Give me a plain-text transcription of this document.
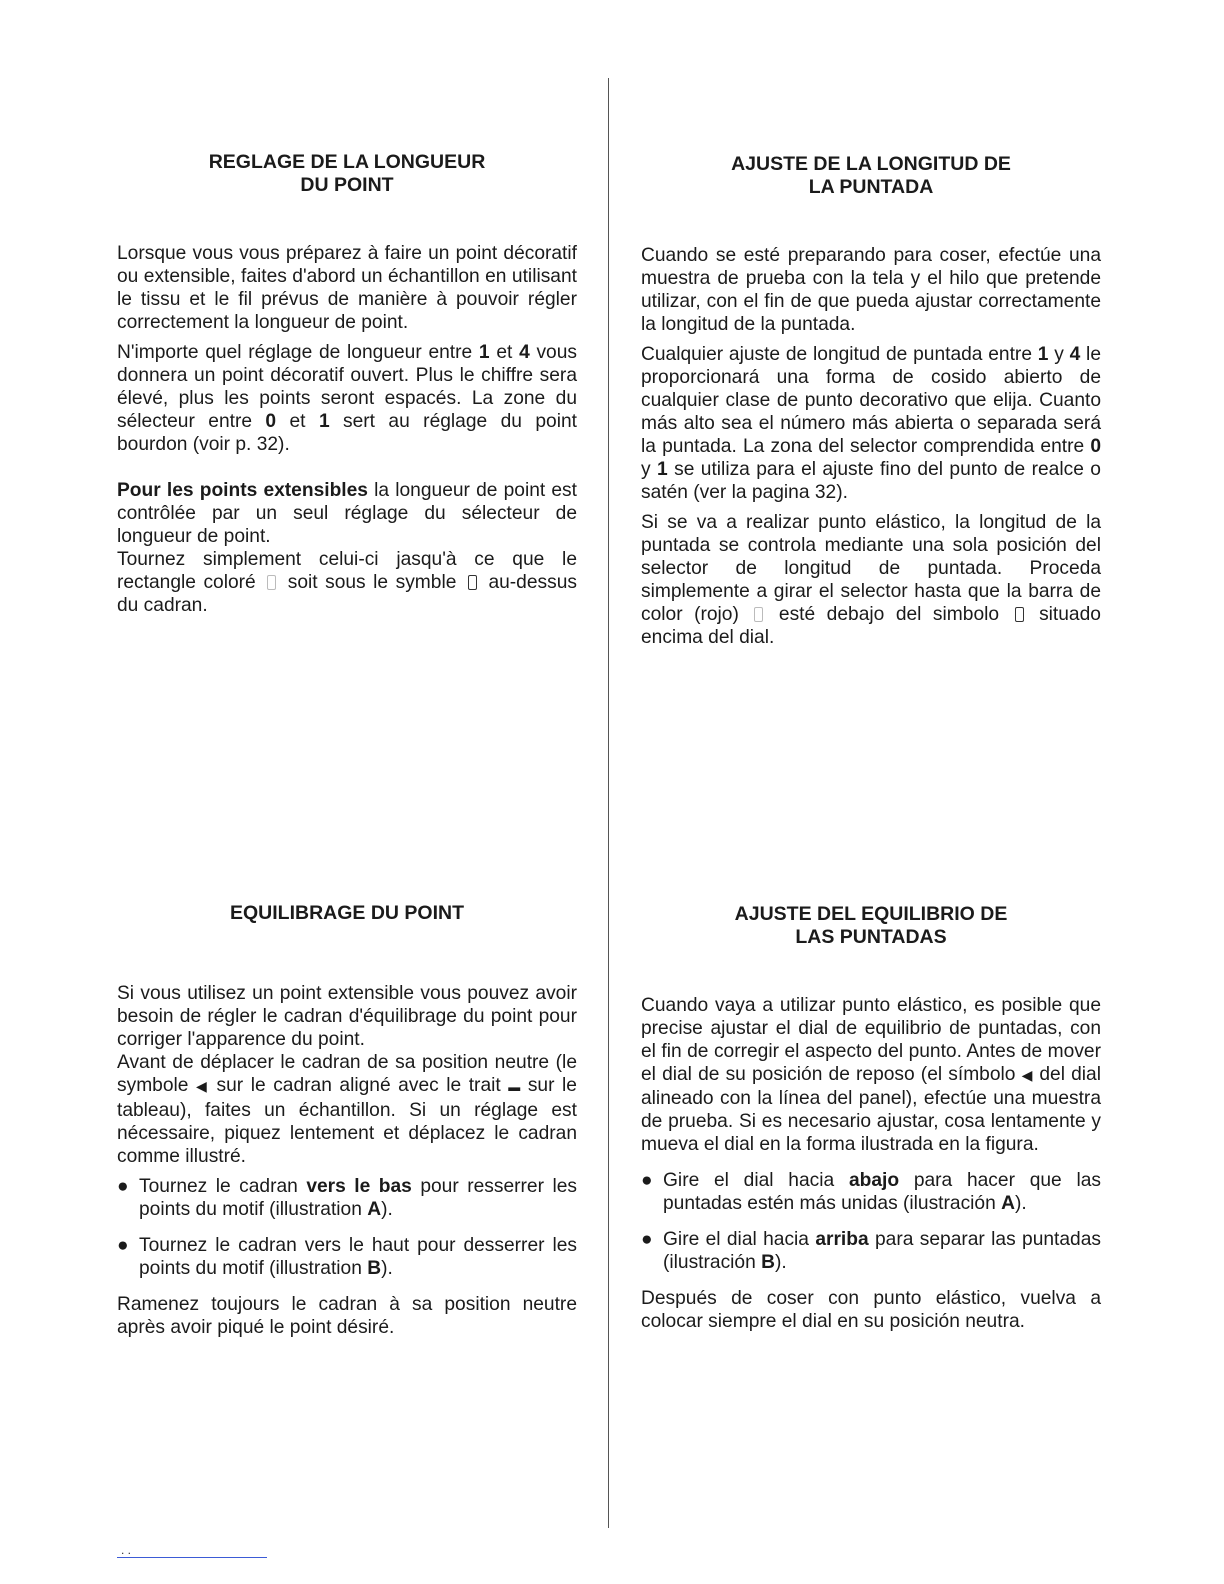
REGLAGE DE LA LONGUEUR
DU POINT

Lorsque vous vous préparez à faire un point décoratif ou extensible, faites d'abord un échantillon en utilisant le tissu et le fil prévus de manière à pouvoir régler correctement la longueur de point.

N'importe quel réglage de longueur entre 1 et 4 vous donnera un point décoratif ouvert. Plus le chiffre sera élevé, plus les points seront espacés. La zone du sélecteur entre 0 et 1 sert au réglage du point bourdon (voir p. 32).

Pour les points extensibles la longueur de point est contrôlée par un seul réglage du sélecteur de longueur de point.

Tournez simplement celui-ci jasqu'à ce que le rectangle coloré soit sous le symble au-dessus du cadran.

AJUSTE DE LA LONGITUD DE
LA PUNTADA

Cuando se esté preparando para coser, efectúe una muestra de prueba con la tela y el hilo que pretende utilizar, con el fin de que pueda ajustar correctamente la longitud de la puntada.

Cualquier ajuste de longitud de puntada entre 1 y 4 le proporcionará una forma de cosido abierto de cualquier clase de punto decorativo que elija. Cuanto más alto sea el número más abierta o separada será la puntada. La zona del selector comprendida entre 0 y 1 se utiliza para el ajuste fino del punto de realce o satén (ver la pagina 32).

Si se va a realizar punto elástico, la longitud de la puntada se controla mediante una sola posición del selector de longitud de puntada. Proceda simplemente a girar el selector hasta que la barra de color (rojo) esté debajo del simbolo situado encima del dial.

EQUILIBRAGE DU POINT

Si vous utilisez un point extensible vous pouvez avoir besoin de régler le cadran d'équilibrage du point pour corriger l'apparence du point.

Avant de déplacer le cadran de sa position neutre (le symbole ◀ sur le cadran aligné avec le trait ▬ sur le tableau), faites un échantillon. Si un réglage est nécessaire, piquez lentement et déplacez le cadran comme illustré.

● Tournez le cadran vers le bas pour resserrer les points du motif (illustration A).
● Tournez le cadran vers le haut pour desserrer les points du motif (illustration B).

Ramenez toujours le cadran à sa position neutre après avoir piqué le point désiré.

AJUSTE DEL EQUILIBRIO DE
LAS PUNTADAS

Cuando vaya a utilizar punto elástico, es posible que precise ajustar el dial de equilibrio de puntadas, con el fin de corregir el aspecto del punto. Antes de mover el dial de su posición de reposo (el símbolo ◀ del dial alineado con la línea del panel), efectúe una muestra de prueba. Si es necesario ajustar, cosa lentamente y mueva el dial en la forma ilustrada en la figura.

● Gire el dial hacia abajo para hacer que las puntadas estén más unidas (ilustración A).
● Gire el dial hacia arriba para separar las puntadas (ilustración B).

Después de coser con punto elástico, vuelva a colocar siempre el dial en su posición neutra.

. .
